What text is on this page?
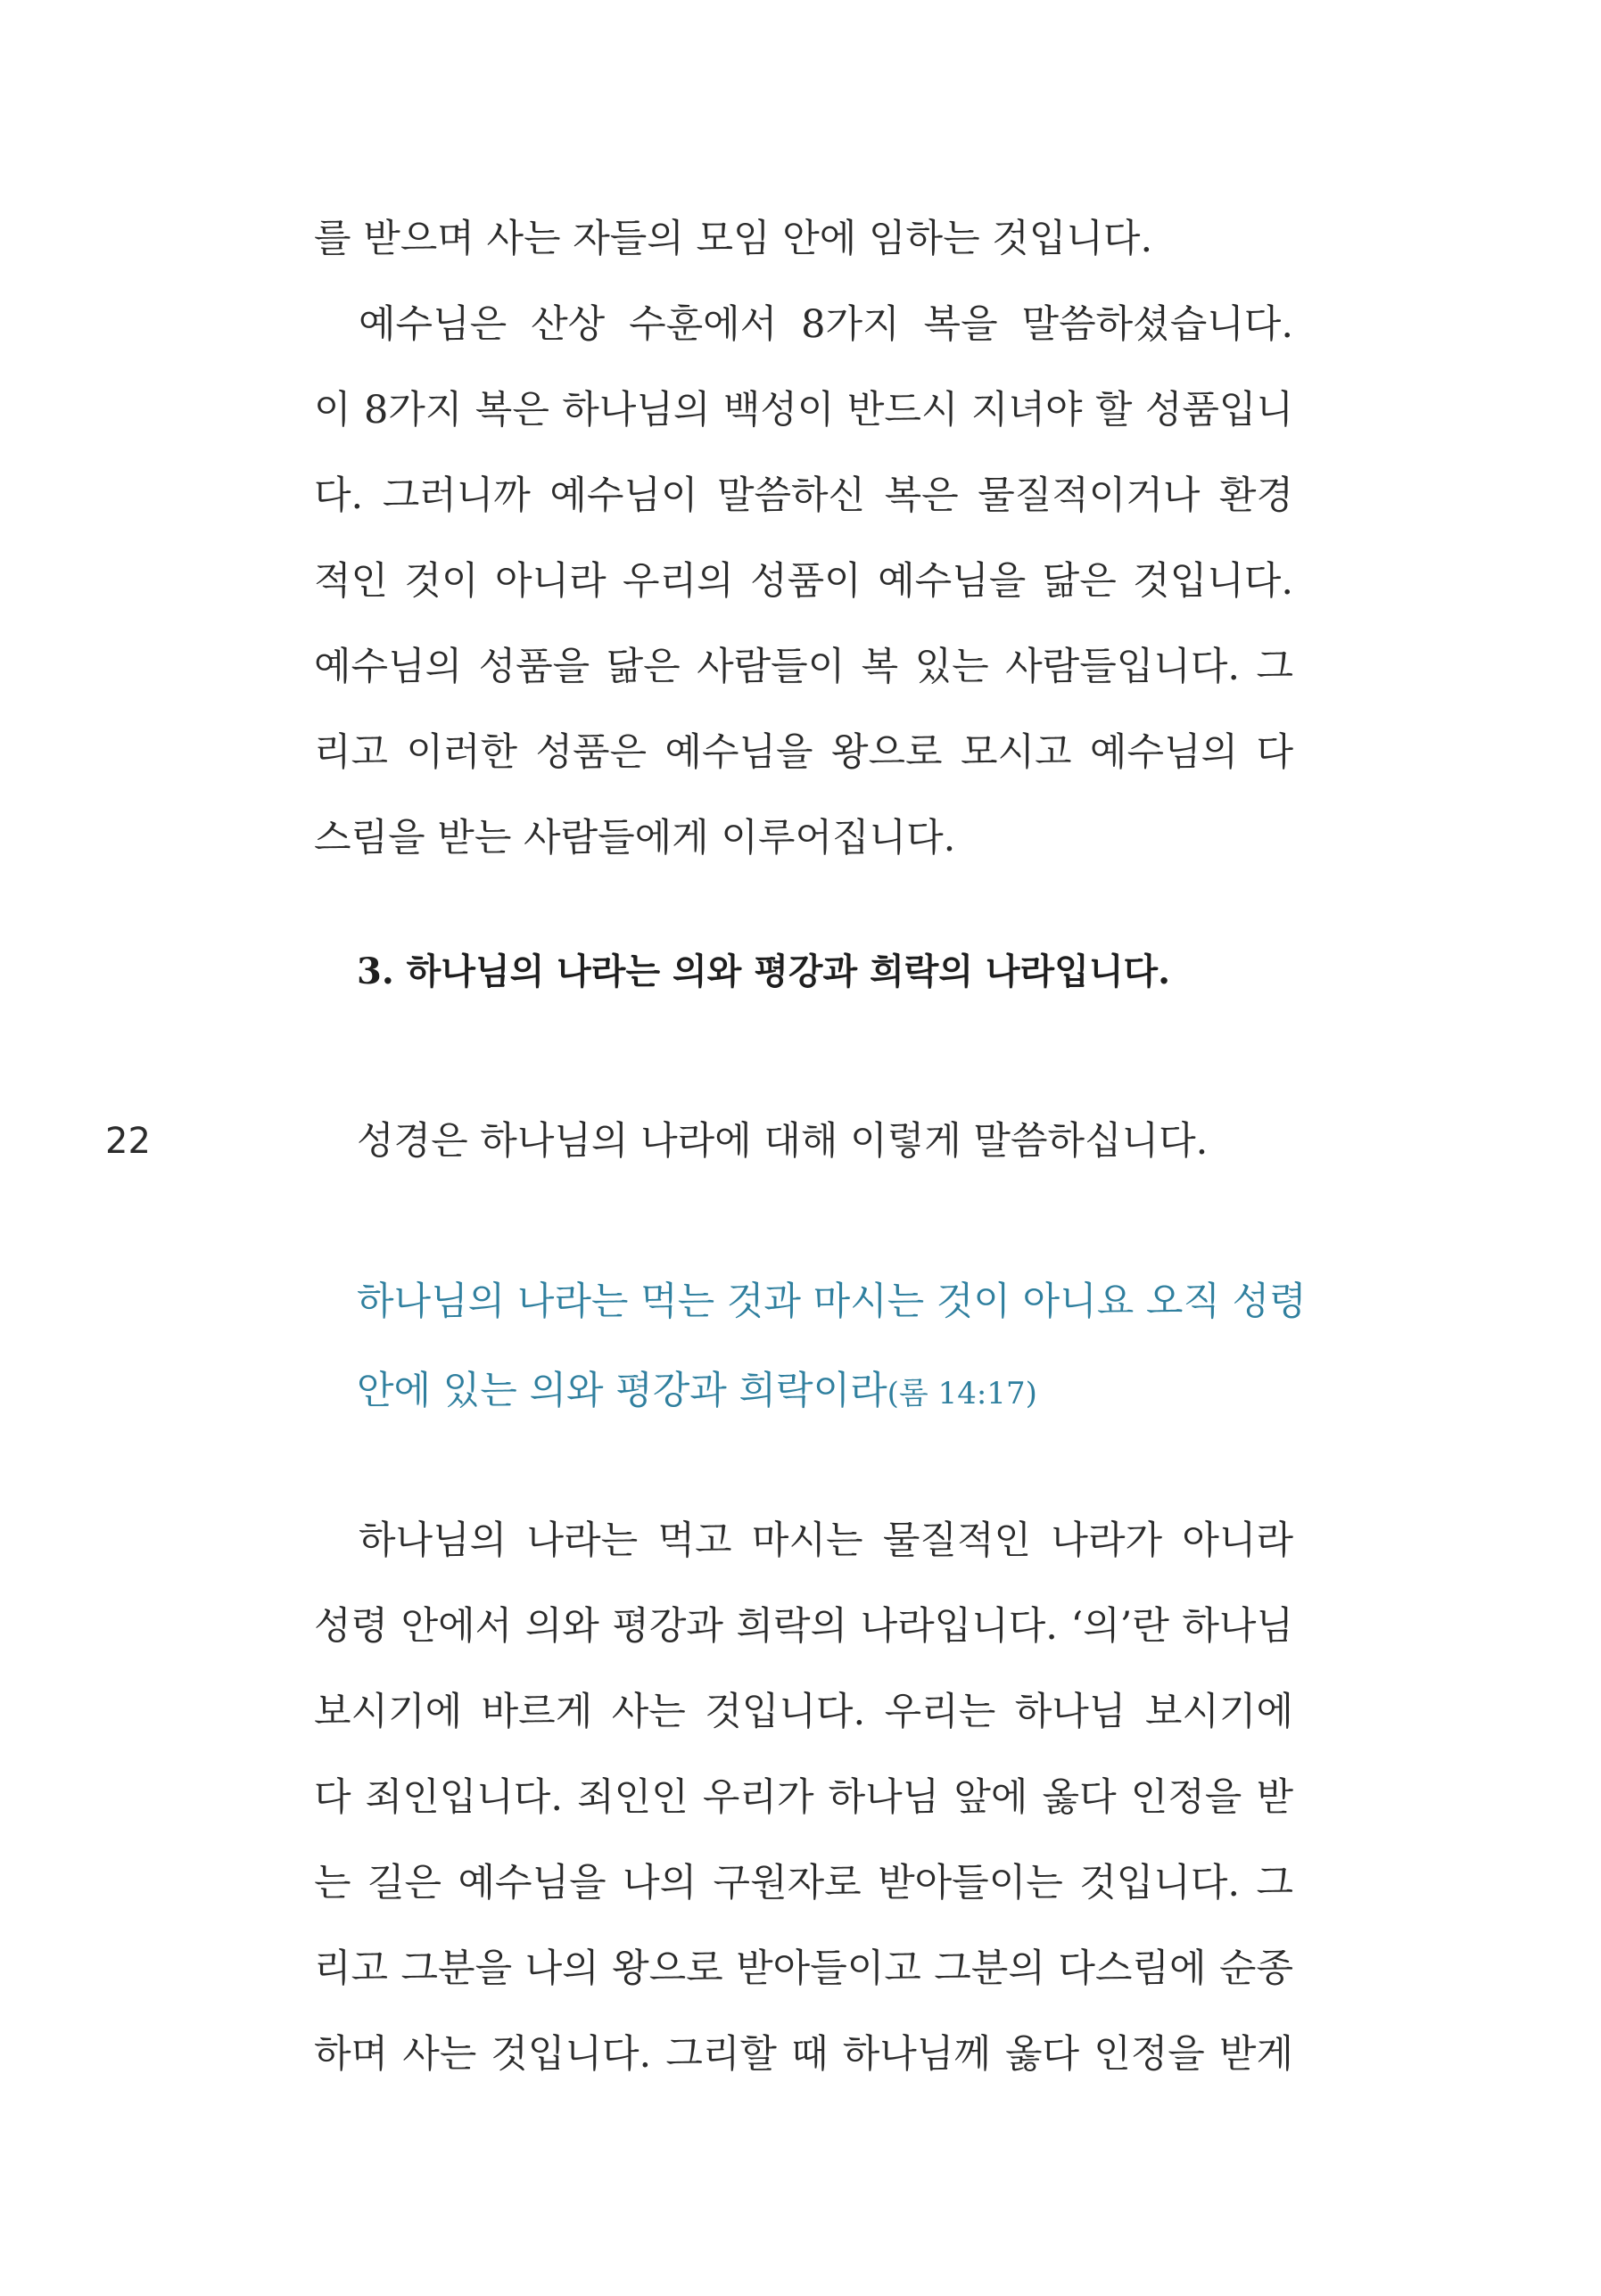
를 받으며 사는 자들의 모임 안에 임하는 것입니다.
예수님은 산상 수훈에서 8가지 복을 말씀하셨습니다.
이 8가지 복은 하나님의 백성이 반드시 지녀야 할 성품입니
다. 그러니까 예수님이 말씀하신 복은 물질적이거나 환경
적인 것이 아니라 우리의 성품이 예수님을 닮은 것입니다.
예수님의 성품을 닮은 사람들이 복 있는 사람들입니다. 그
리고 이러한 성품은 예수님을 왕으로 모시고 예수님의 다
스림을 받는 사람들에게 이루어집니다.
3. 하나님의 나라는 의와 평강과 희락의 나라입니다.
22	성경은 하나님의 나라에 대해 이렇게 말씀하십니다.
하나님의 나라는 먹는 것과 마시는 것이 아니요 오직 성령
안에 있는 의와 평강과 희락이라(롬 14:17)
하나님의 나라는 먹고 마시는 물질적인 나라가 아니라
성령 안에서 의와 평강과 희락의 나라입니다. ‘의’란 하나님
보시기에 바르게 사는 것입니다. 우리는 하나님 보시기에
다 죄인입니다. 죄인인 우리가 하나님 앞에 옳다 인정을 받
는 길은 예수님을 나의 구원자로 받아들이는 것입니다. 그
리고 그분을 나의 왕으로 받아들이고 그분의 다스림에 순종
하며 사는 것입니다. 그리할 때 하나님께 옳다 인정을 받게
